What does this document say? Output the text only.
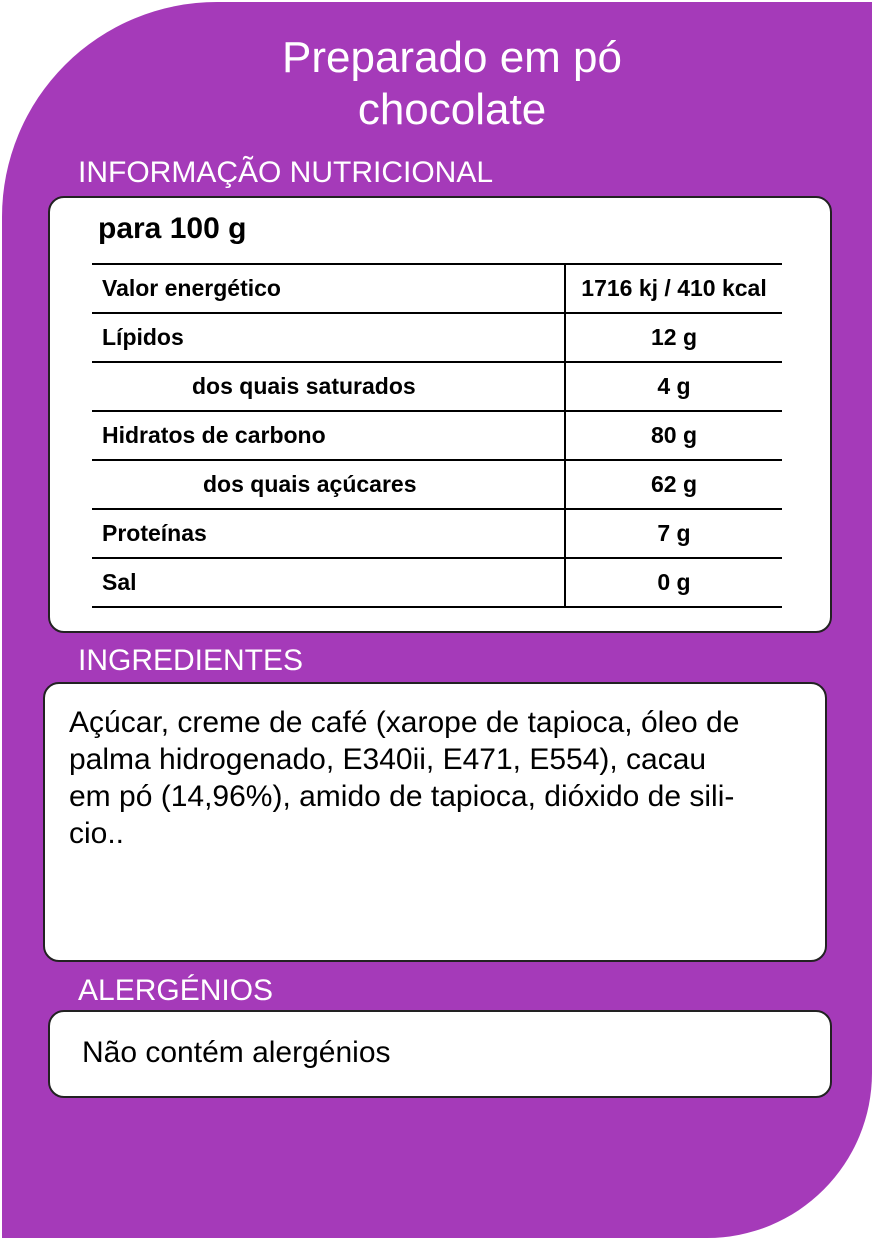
Preparado em pó
chocolate
INFORMAÇÃO NUTRICIONAL
para 100 g
Valor energético	1716 kj / 410 kcal
Lípidos	12 g
dos quais saturados	4 g
Hidratos de carbono	80 g
dos quais açúcares	62 g
Proteínas	7 g
Sal	0 g
INGREDIENTES
Açúcar, creme de café (xarope de tapioca, óleo de
palma hidrogenado, E340ii, E471, E554), cacau
em pó (14,96%), amido de tapioca, dióxido de sili-
cio..
ALERGÉNIOS
Não contém alergénios
